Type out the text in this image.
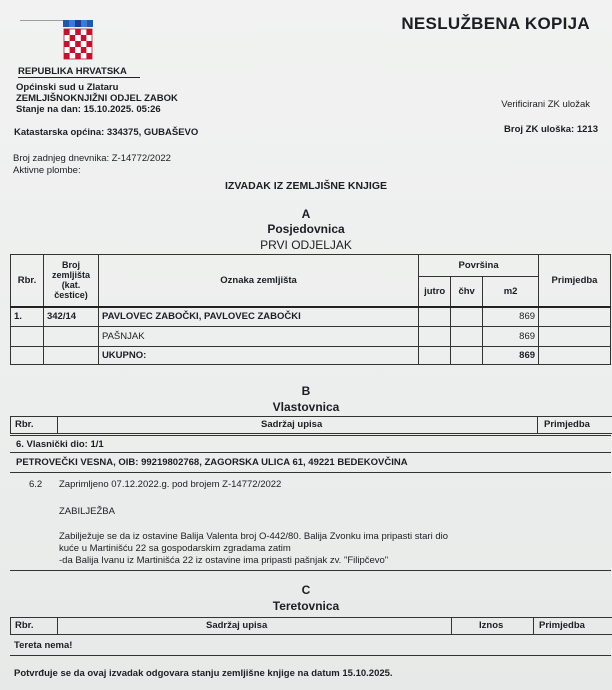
NESLUŽBENA KOPIJA
REPUBLIKA HRVATSKA
Općinski sud u Zlataru
ZEMLJIŠNOKNJIŽNI ODJEL ZABOK
Stanje na dan: 15.10.2025. 05:26	Verificirani ZK uložak
Katastarska općina: 334375, GUBAŠEVO	Broj ZK uloška: 1213
Broj zadnjeg dnevnika: Z-14772/2022
Aktivne plombe:
IZVADAK IZ ZEMLJIŠNE KNJIGE
A
Posjedovnica
PRVI ODJELJAK
Rbr.	Broj zemljišta (kat. čestice)	Oznaka zemljišta	Površina			Primjedba
			jutro	čhv	m2	
1.	342/14	PAVLOVEC ZABOČKI, PAVLOVEC ZABOČKI			869	
		PAŠNJAK			869	
		UKUPNO:			869	
B
Vlastovnica
Rbr.	Sadržaj upisa	Primjedba
6. Vlasnički dio: 1/1
PETROVEČKI VESNA, OIB: 99219802768, ZAGORSKA ULICA 61, 49221 BEDEKOVČINA
6.2 Zaprimljeno 07.12.2022.g. pod brojem Z-14772/2022
ZABILJEŽBA
Zabilježuje se da iz ostavine Balija Valenta broj O-442/80. Balija Zvonku ima pripasti stari dio
kuće u Martinišću 22 sa gospodarskim zgradama zatim
-da Balija Ivanu iz Martinišća 22 iz ostavine ima pripasti pašnjak zv. "Filipčevo"
C
Teretovnica
Rbr.	Sadržaj upisa	Iznos	Primjedba
Tereta nema!
Potvrđuje se da ovaj izvadak odgovara stanju zemljišne knjige na datum 15.10.2025.
